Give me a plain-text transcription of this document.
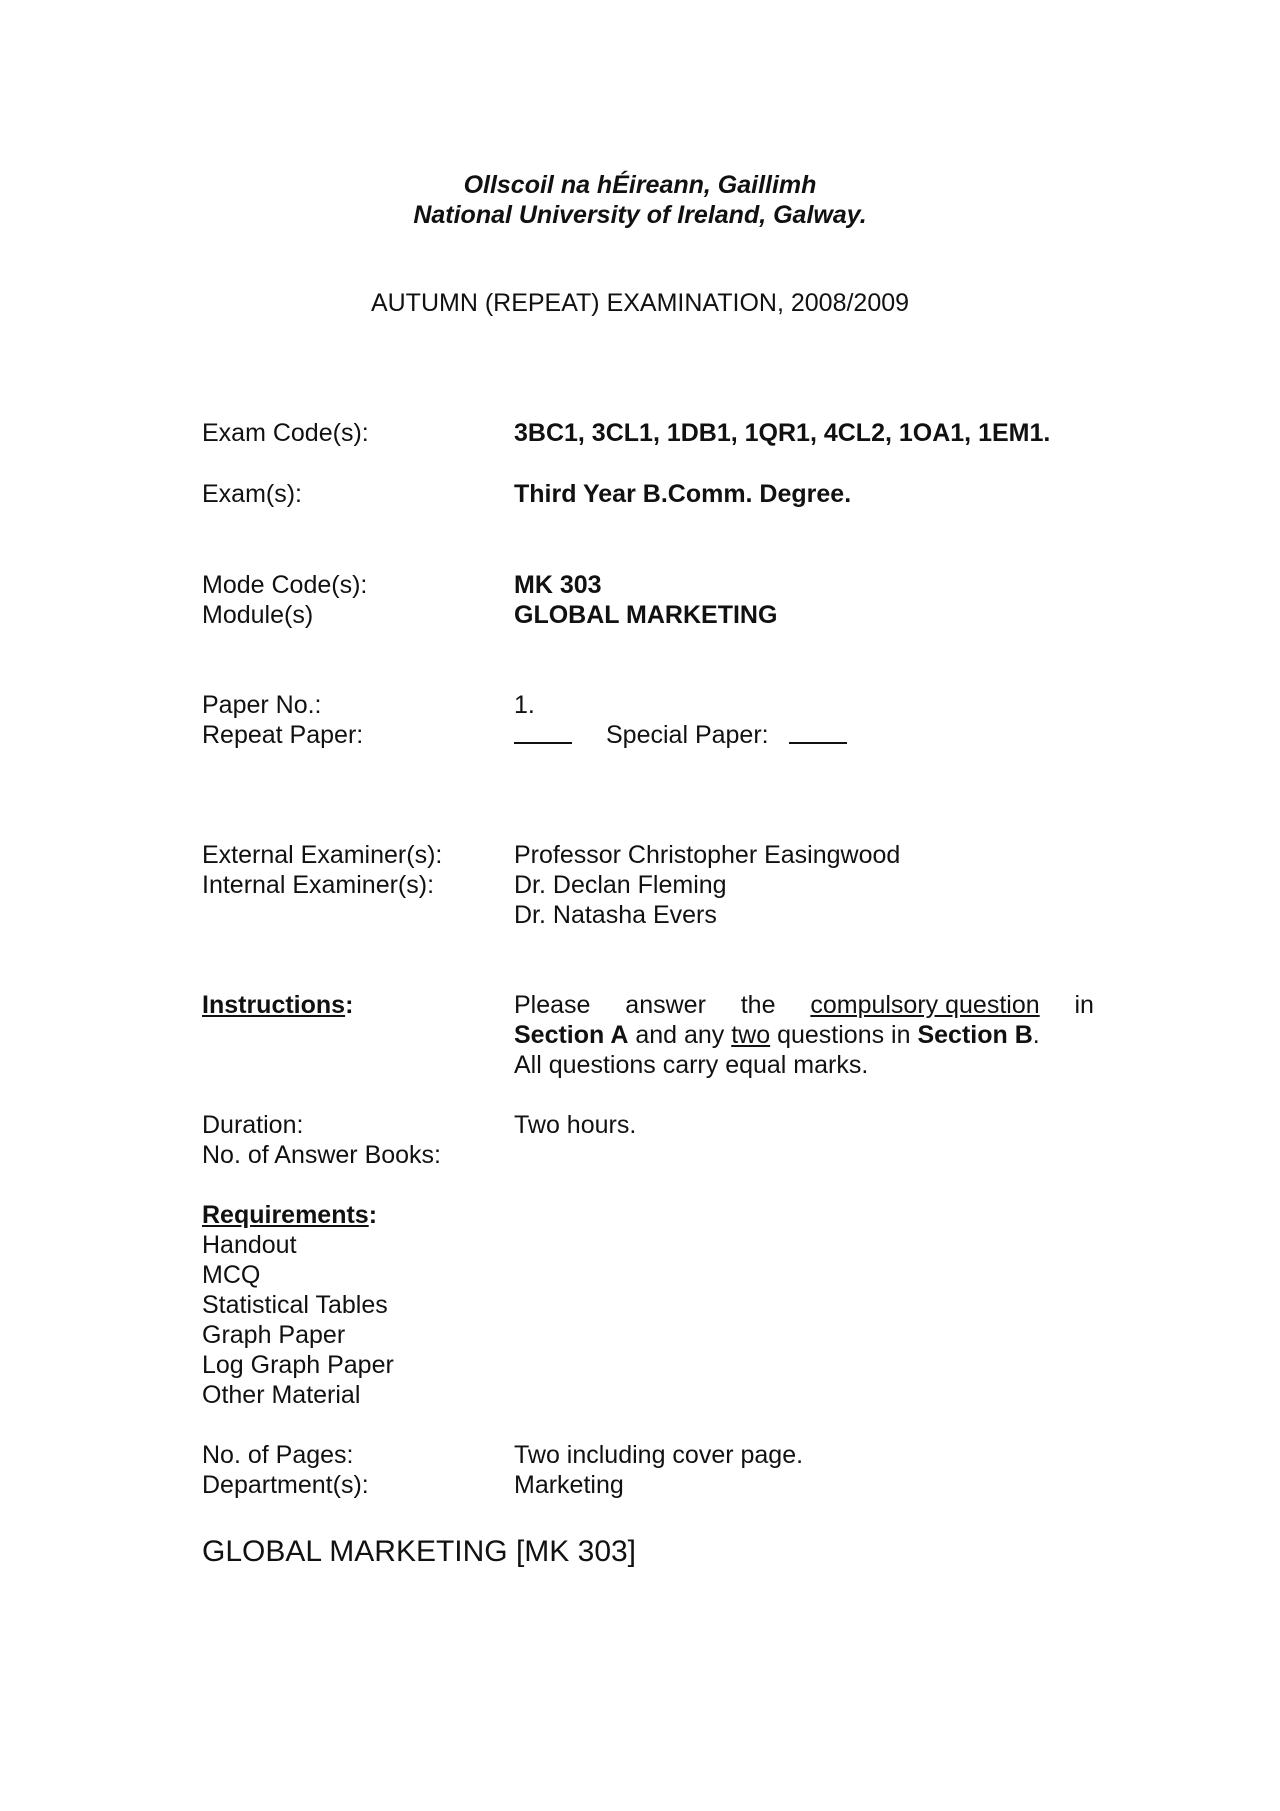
Ollscoil na hÉireann, Gaillimh
National University of Ireland, Galway.
AUTUMN (REPEAT) EXAMINATION, 2008/2009
Exam Code(s):	3BC1, 3CL1, 1DB1, 1QR1, 4CL2, 1OA1, 1EM1.
Exam(s):	Third Year B.Comm. Degree.
Mode Code(s):	MK 303
Module(s)	GLOBAL MARKETING
Paper No.:	1.
Repeat Paper:	Special Paper:
External Examiner(s):	Professor Christopher Easingwood
Internal Examiner(s):	Dr. Declan Fleming
Dr. Natasha Evers
Instructions:	Please answer the compulsory question in
Section A and any two questions in Section B.
All questions carry equal marks.
Duration:	Two hours.
No. of Answer Books:
Requirements:
Handout
MCQ
Statistical Tables
Graph Paper
Log Graph Paper
Other Material
No. of Pages:	Two including cover page.
Department(s):	Marketing
GLOBAL MARKETING [MK 303]
